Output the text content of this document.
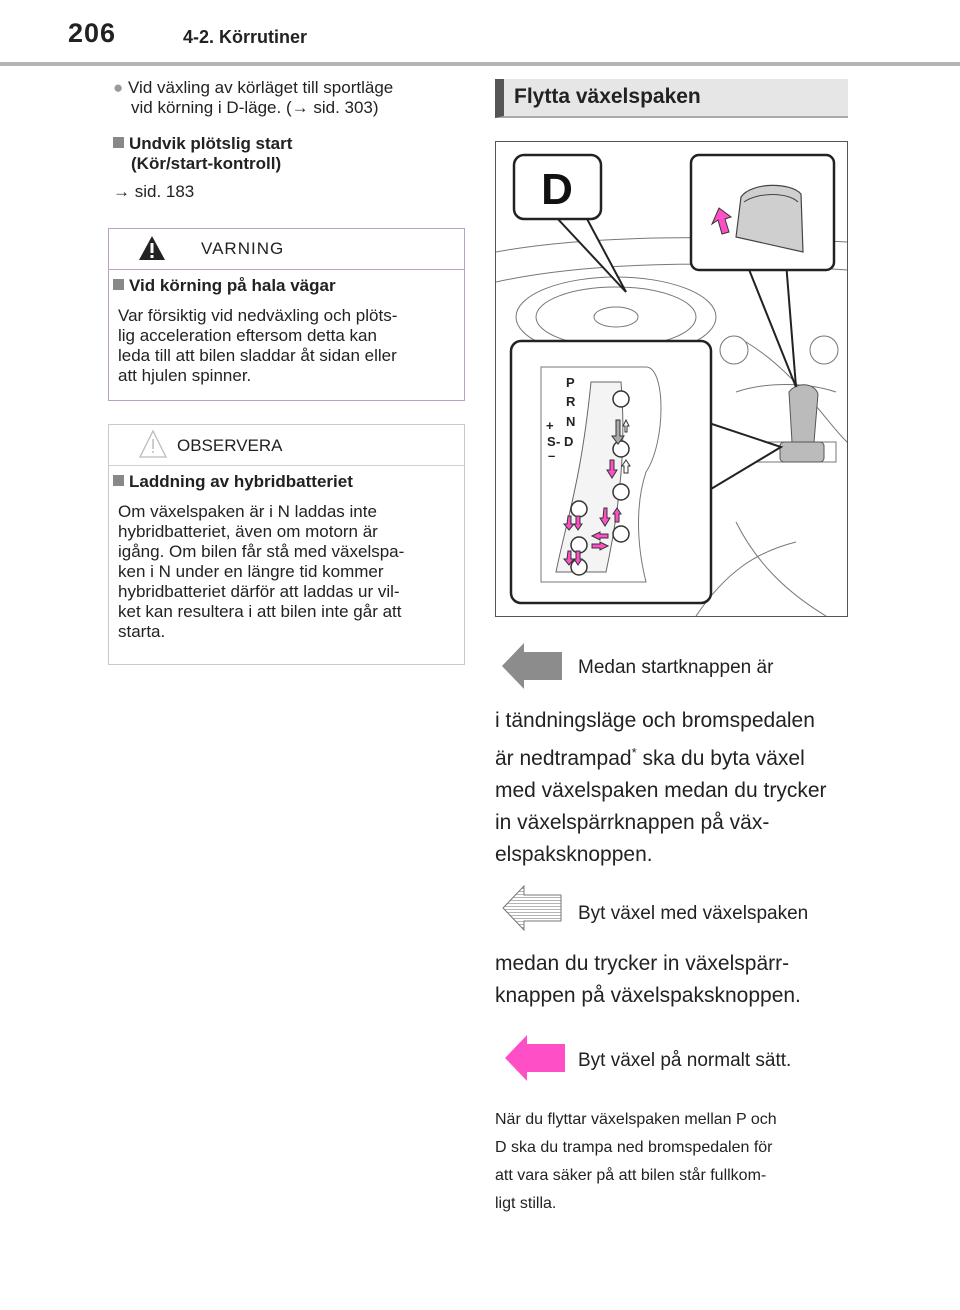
206	4-2. Körrutiner
● Vid växling av körläget till sportläge
vid körning i D-läge. (→ sid. 303)
Undvik plötslig start
(Kör/start-kontroll)
→ sid. 183
VARNING
Vid körning på hala vägar
Var försiktig vid nedväxling och plöts-
lig acceleration eftersom detta kan
leda till att bilen sladdar åt sidan eller
att hjulen spinner.
OBSERVERA
Laddning av hybridbatteriet
Om växelspaken är i N laddas inte
hybridbatteriet, även om motorn är
igång. Om bilen får stå med växelspa-
ken i N under en längre tid kommer
hybridbatteriet därför att laddas ur vil-
ket kan resultera i att bilen inte går att
starta.
Flytta växelspaken
D
P
R
N
+
S - D
–
Medan startknappen är
i tändningsläge och bromspedalen
är nedtrampad* ska du byta växel
med växelspaken medan du trycker
in växelspärrknappen på väx-
elspaksknoppen.
Byt växel med växelspaken
medan du trycker in växelspärr-
knappen på växelspaksknoppen.
Byt växel på normalt sätt.
När du flyttar växelspaken mellan P och
D ska du trampa ned bromspedalen för
att vara säker på att bilen står fullkom-
ligt stilla.
